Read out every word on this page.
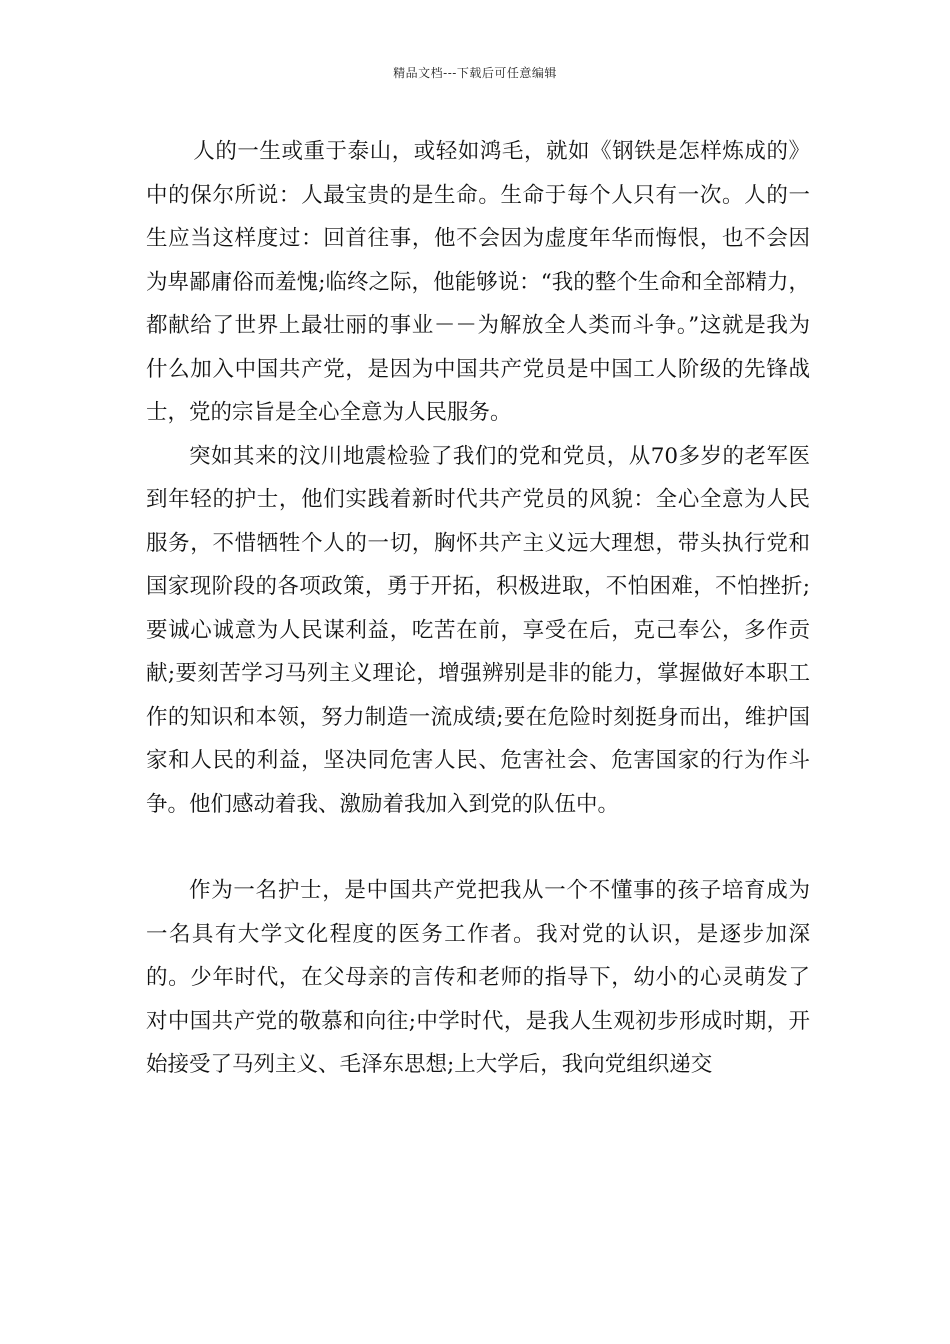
精品文档---下载后可任意编辑

人的一生或重于泰山，或轻如鸿毛，就如《钢铁是怎样炼成的》中的保尔所说：人最宝贵的是生命。生命于每个人只有一次。人的一生应当这样度过：回首往事，他不会因为虚度年华而悔恨，也不会因为卑鄙庸俗而羞愧;临终之际，他能够说：“我的整个生命和全部精力，都献给了世界上最壮丽的事业－－为解放全人类而斗争。”这就是我为什么加入中国共产党，是因为中国共产党员是中国工人阶级的先锋战士，党的宗旨是全心全意为人民服务。

突如其来的汶川地震检验了我们的党和党员，从70多岁的老军医到年轻的护士，他们实践着新时代共产党员的风貌：全心全意为人民服务，不惜牺牲个人的一切，胸怀共产主义远大理想，带头执行党和国家现阶段的各项政策，勇于开拓，积极进取，不怕困难，不怕挫折;要诚心诚意为人民谋利益，吃苦在前，享受在后，克己奉公，多作贡献;要刻苦学习马列主义理论，增强辨别是非的能力，掌握做好本职工作的知识和本领，努力制造一流成绩;要在危险时刻挺身而出，维护国家和人民的利益，坚决同危害人民、危害社会、危害国家的行为作斗争。他们感动着我、激励着我加入到党的队伍中。

作为一名护士，是中国共产党把我从一个不懂事的孩子培育成为一名具有大学文化程度的医务工作者。我对党的认识，是逐步加深的。少年时代，在父母亲的言传和老师的指导下，幼小的心灵萌发了对中国共产党的敬慕和向往;中学时代，是我人生观初步形成时期，开始接受了马列主义、毛泽东思想;上大学后，我向党组织递交
